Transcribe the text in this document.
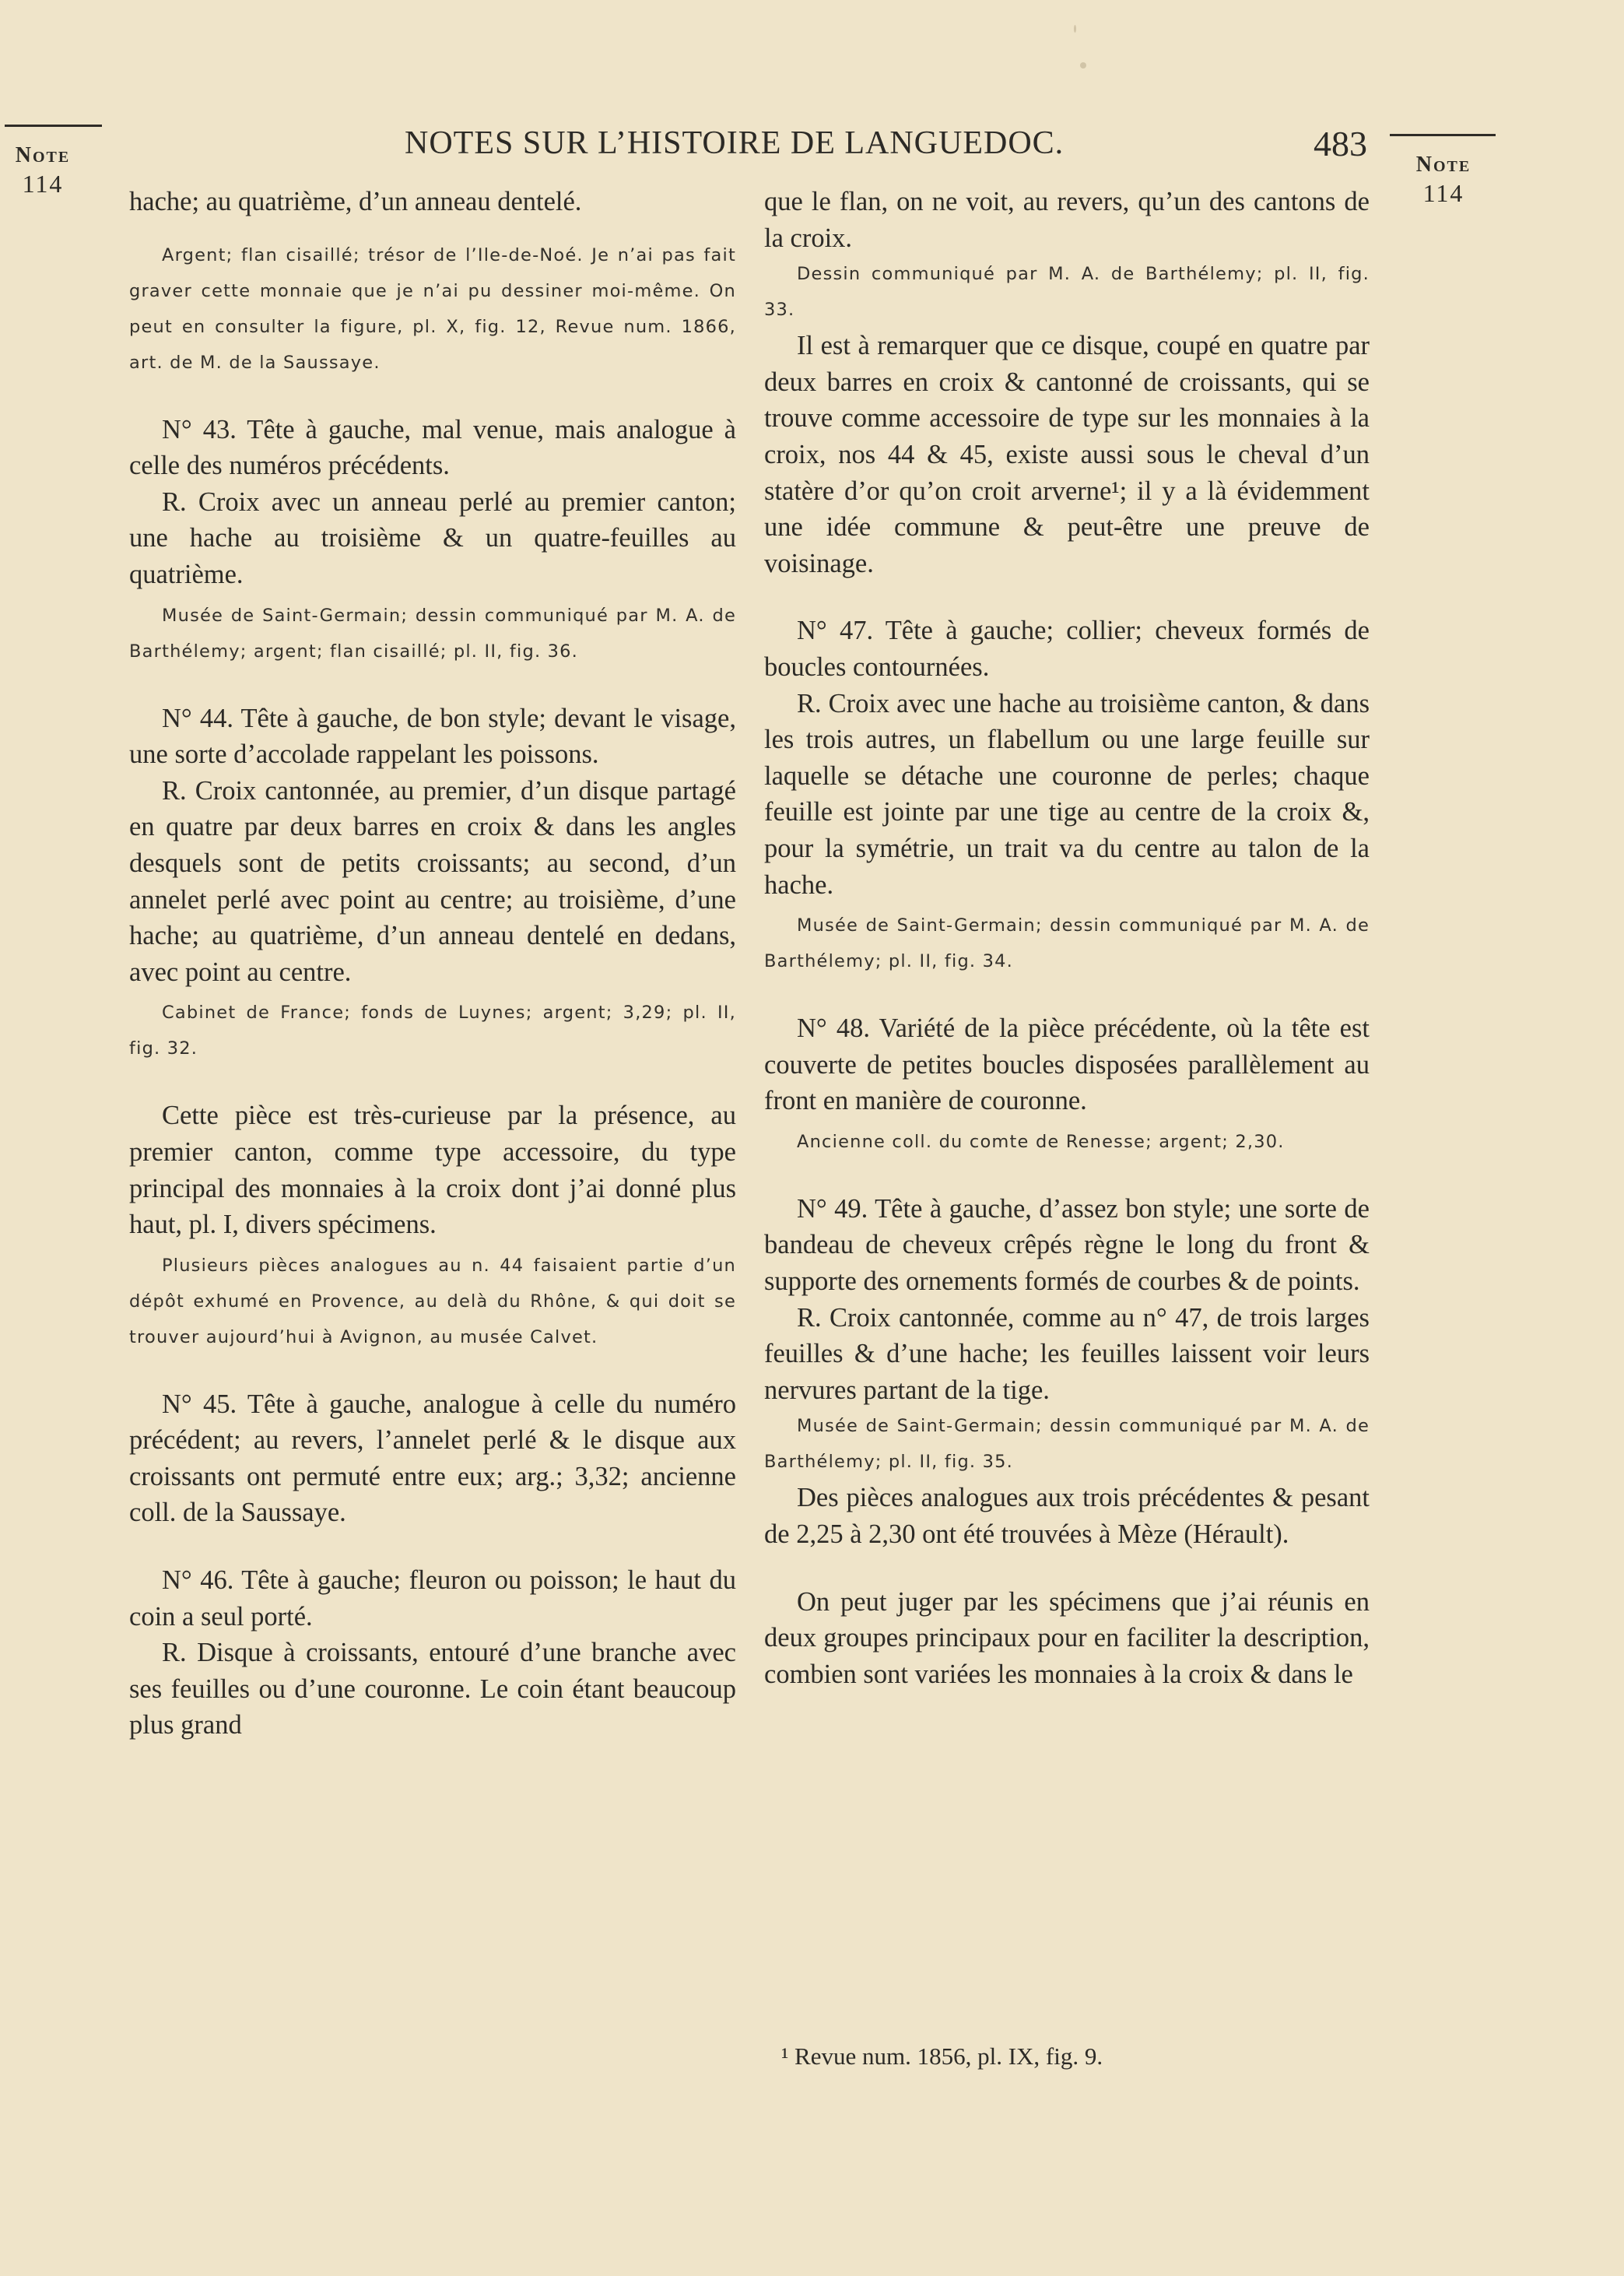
Note
114
Note
114
NOTES SUR L’HISTOIRE DE LANGUEDOC.	483

hache; au quatrième, d’un anneau dentelé.

Argent; flan cisaillé; trésor de l’Ile-de-Noé. Je n’ai pas fait graver cette monnaie que je n’ai pu dessiner moi-même. On peut en consulter la figure, pl. X, fig. 12, Revue num. 1866, art. de M. de la Saussaye.

N° 43. Tête à gauche, mal venue, mais analogue à celle des numéros précédents.

R. Croix avec un anneau perlé au premier canton; une hache au troisième & un quatre-feuilles au quatrième.

Musée de Saint-Germain; dessin communiqué par M. A. de Barthélemy; argent; flan cisaillé; pl. II, fig. 36.

N° 44. Tête à gauche, de bon style; devant le visage, une sorte d’accolade rappelant les poissons.

R. Croix cantonnée, au premier, d’un disque partagé en quatre par deux barres en croix & dans les angles desquels sont de petits croissants; au second, d’un annelet perlé avec point au centre; au troisième, d’une hache; au quatrième, d’un anneau dentelé en dedans, avec point au centre.

Cabinet de France; fonds de Luynes; argent; 3,29; pl. II, fig. 32.

Cette pièce est très-curieuse par la présence, au premier canton, comme type accessoire, du type principal des monnaies à la croix dont j’ai donné plus haut, pl. I, divers spécimens.

Plusieurs pièces analogues au n. 44 faisaient partie d’un dépôt exhumé en Provence, au delà du Rhône, & qui doit se trouver aujourd’hui à Avignon, au musée Calvet.

N° 45. Tête à gauche, analogue à celle du numéro précédent; au revers, l’annelet perlé & le disque aux croissants ont permuté entre eux; arg.; 3,32; ancienne coll. de la Saussaye.

N° 46. Tête à gauche; fleuron ou poisson; le haut du coin a seul porté.

R. Disque à croissants, entouré d’une branche avec ses feuilles ou d’une couronne. Le coin étant beaucoup plus grand

que le flan, on ne voit, au revers, qu’un des cantons de la croix.

Dessin communiqué par M. A. de Barthélemy; pl. II, fig. 33.

Il est à remarquer que ce disque, coupé en quatre par deux barres en croix & cantonné de croissants, qui se trouve comme accessoire de type sur les monnaies à la croix, nos 44 & 45, existe aussi sous le cheval d’un statère d’or qu’on croit arverne¹; il y a là évidemment une idée commune & peut-être une preuve de voisinage.

N° 47. Tête à gauche; collier; cheveux formés de boucles contournées.

R. Croix avec une hache au troisième canton, & dans les trois autres, un flabellum ou une large feuille sur laquelle se détache une couronne de perles; chaque feuille est jointe par une tige au centre de la croix &, pour la symétrie, un trait va du centre au talon de la hache.

Musée de Saint-Germain; dessin communiqué par M. A. de Barthélemy; pl. II, fig. 34.

N° 48. Variété de la pièce précédente, où la tête est couverte de petites boucles disposées parallèlement au front en manière de couronne.

Ancienne coll. du comte de Renesse; argent; 2,30.

N° 49. Tête à gauche, d’assez bon style; une sorte de bandeau de cheveux crêpés règne le long du front & supporte des ornements formés de courbes & de points.

R. Croix cantonnée, comme au n° 47, de trois larges feuilles & d’une hache; les feuilles laissent voir leurs nervures partant de la tige.

Musée de Saint-Germain; dessin communiqué par M. A. de Barthélemy; pl. II, fig. 35.

Des pièces analogues aux trois précédentes & pesant de 2,25 à 2,30 ont été trouvées à Mèze (Hérault).

On peut juger par les spécimens que j’ai réunis en deux groupes principaux pour en faciliter la description, combien sont variées les monnaies à la croix & dans le

¹ Revue num. 1856, pl. IX, fig. 9.
